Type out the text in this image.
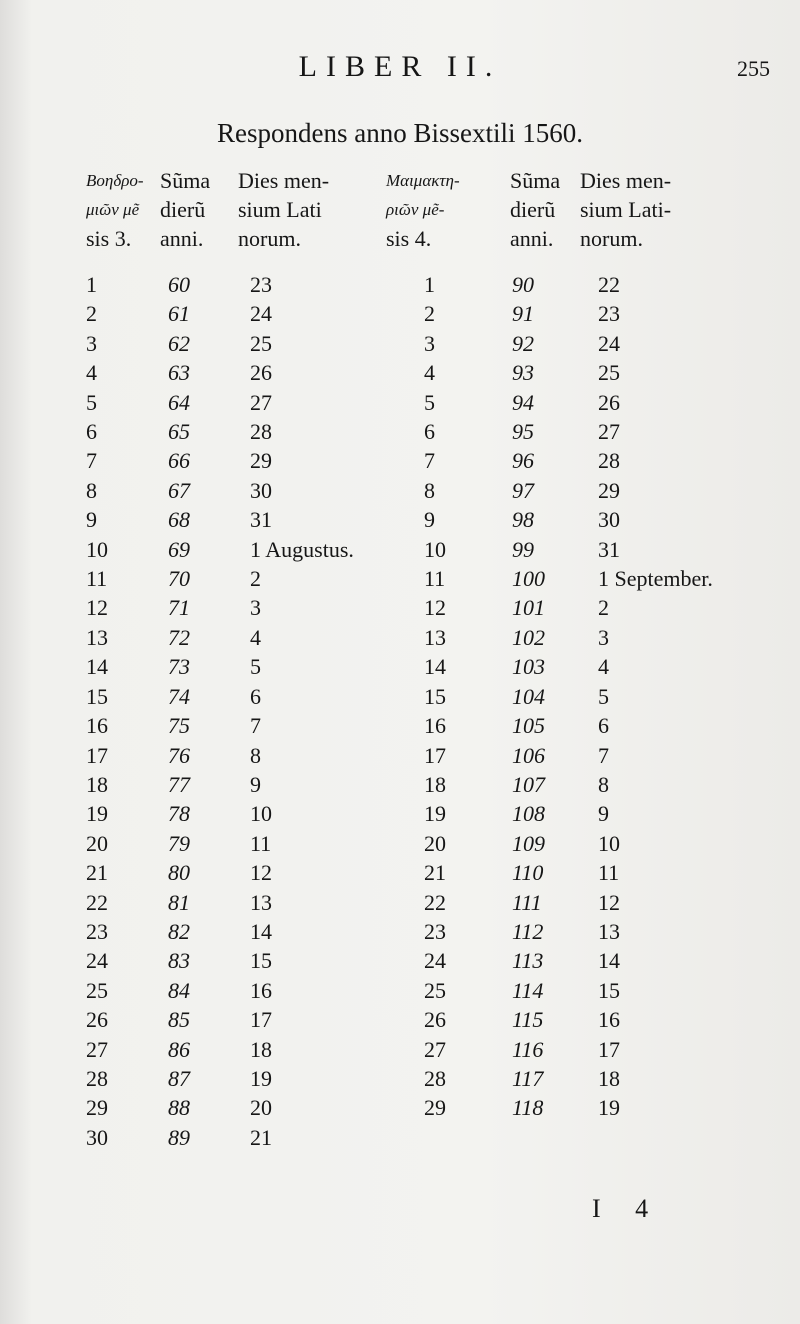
LIBER II.	255
Respondens anno Bissextili 1560.
Βοηδρο-
μιῶν μẽ
sis 3.
Sũma
dierũ
anni.
Dies men-
sium Lati
norum.
Μαιμακτη-
ριῶν μẽ-
sis 4.
Sũma
dierũ
anni.
Dies men-
sium Lati-
norum.
1
2
3
4
5
6
7
8
9
10
11
12
13
14
15
16
17
18
19
20
21
22
23
24
25
26
27
28
29
30
60
61
62
63
64
65
66
67
68
69
70
71
72
73
74
75
76
77
78
79
80
81
82
83
84
85
86
87
88
89
23
24
25
26
27
28
29
30
31
1 Augustus.
2
3
4
5
6
7
8
9
10
11
12
13
14
15
16
17
18
19
20
21
1
2
3
4
5
6
7
8
9
10
11
12
13
14
15
16
17
18
19
20
21
22
23
24
25
26
27
28
29
90
91
92
93
94
95
96
97
98
99
100
101
102
103
104
105
106
107
108
109
110
111
112
113
114
115
116
117
118
22
23
24
25
26
27
28
29
30
31
1 September.
2
3
4
5
6
7
8
9
10
11
12
13
14
15
16
17
18
19
I 4
